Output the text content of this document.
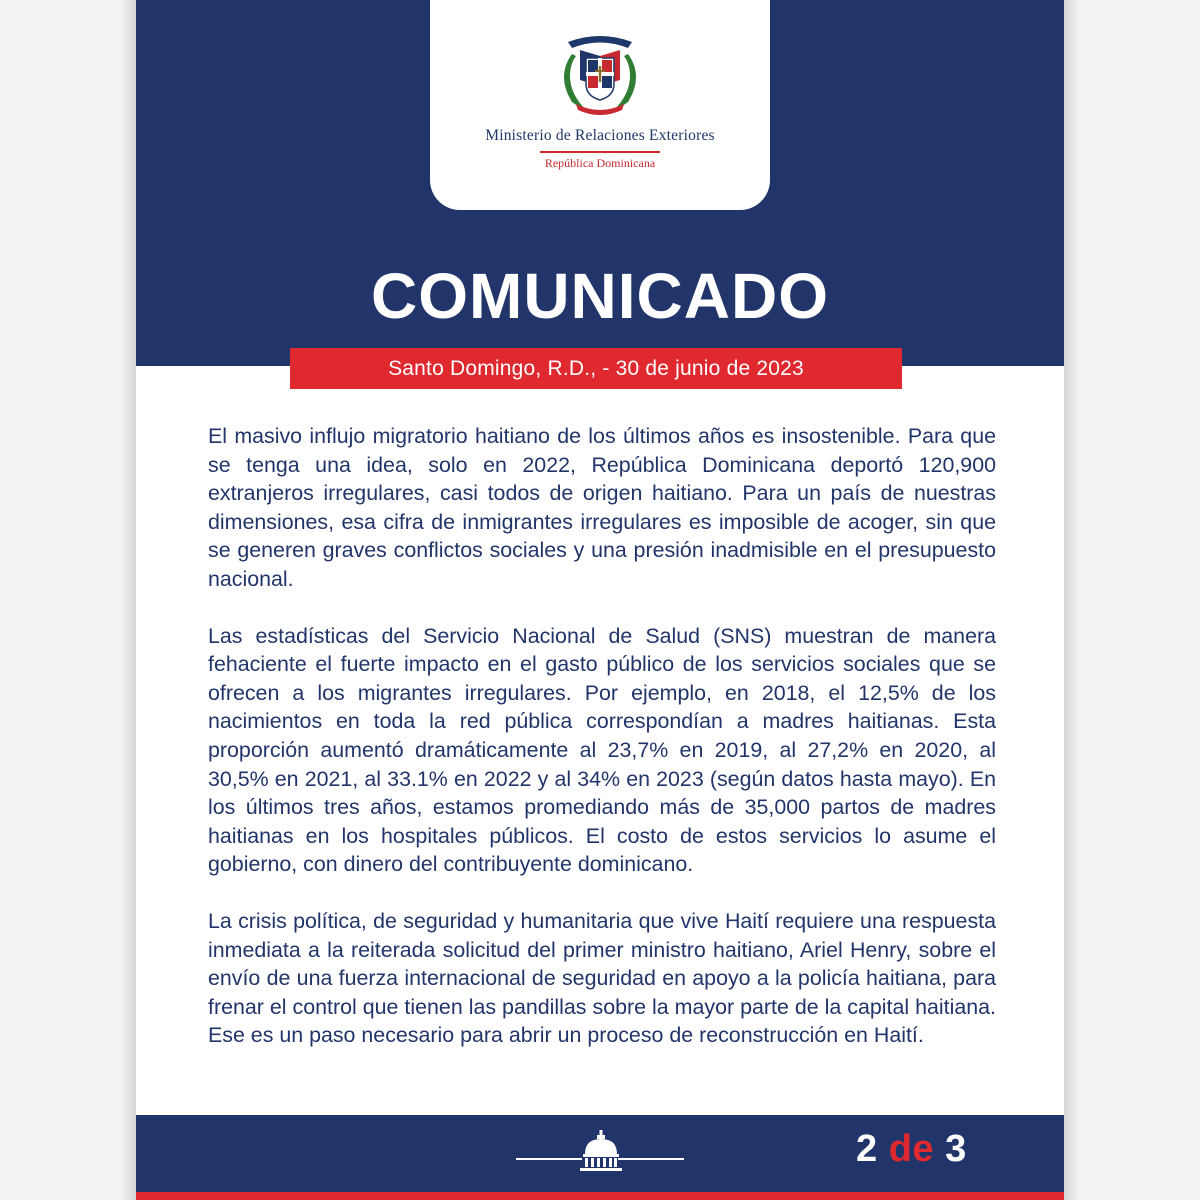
Ministerio de Relaciones Exteriores
República Dominicana
COMUNICADO
Santo Domingo, R.D., - 30 de junio de 2023

El masivo influjo migratorio haitiano de los últimos años es insostenible. Para que se tenga una idea, solo en 2022, República Dominicana deportó 120,900 extranjeros irregulares, casi todos de origen haitiano. Para un país de nuestras dimensiones, esa cifra de inmigrantes irregulares es imposible de acoger, sin que se generen graves conflictos sociales y una presión inadmisible en el presupuesto nacional.

Las estadísticas del Servicio Nacional de Salud (SNS) muestran de manera fehaciente el fuerte impacto en el gasto público de los servicios sociales que se ofrecen a los migrantes irregulares. Por ejemplo, en 2018, el 12,5% de los nacimientos en toda la red pública correspondían a madres haitianas. Esta proporción aumentó dramáticamente al 23,7% en 2019, al 27,2% en 2020, al 30,5% en 2021, al 33.1% en 2022 y al 34% en 2023 (según datos hasta mayo). En los últimos tres años, estamos promediando más de 35,000 partos de madres haitianas en los hospitales públicos. El costo de estos servicios lo asume el gobierno, con dinero del contribuyente dominicano.

La crisis política, de seguridad y humanitaria que vive Haití requiere una respuesta inmediata a la reiterada solicitud del primer ministro haitiano, Ariel Henry, sobre el envío de una fuerza internacional de seguridad en apoyo a la policía haitiana, para frenar el control que tienen las pandillas sobre la mayor parte de la capital haitiana. Ese es un paso necesario para abrir un proceso de reconstrucción en Haití.

2 de 3
